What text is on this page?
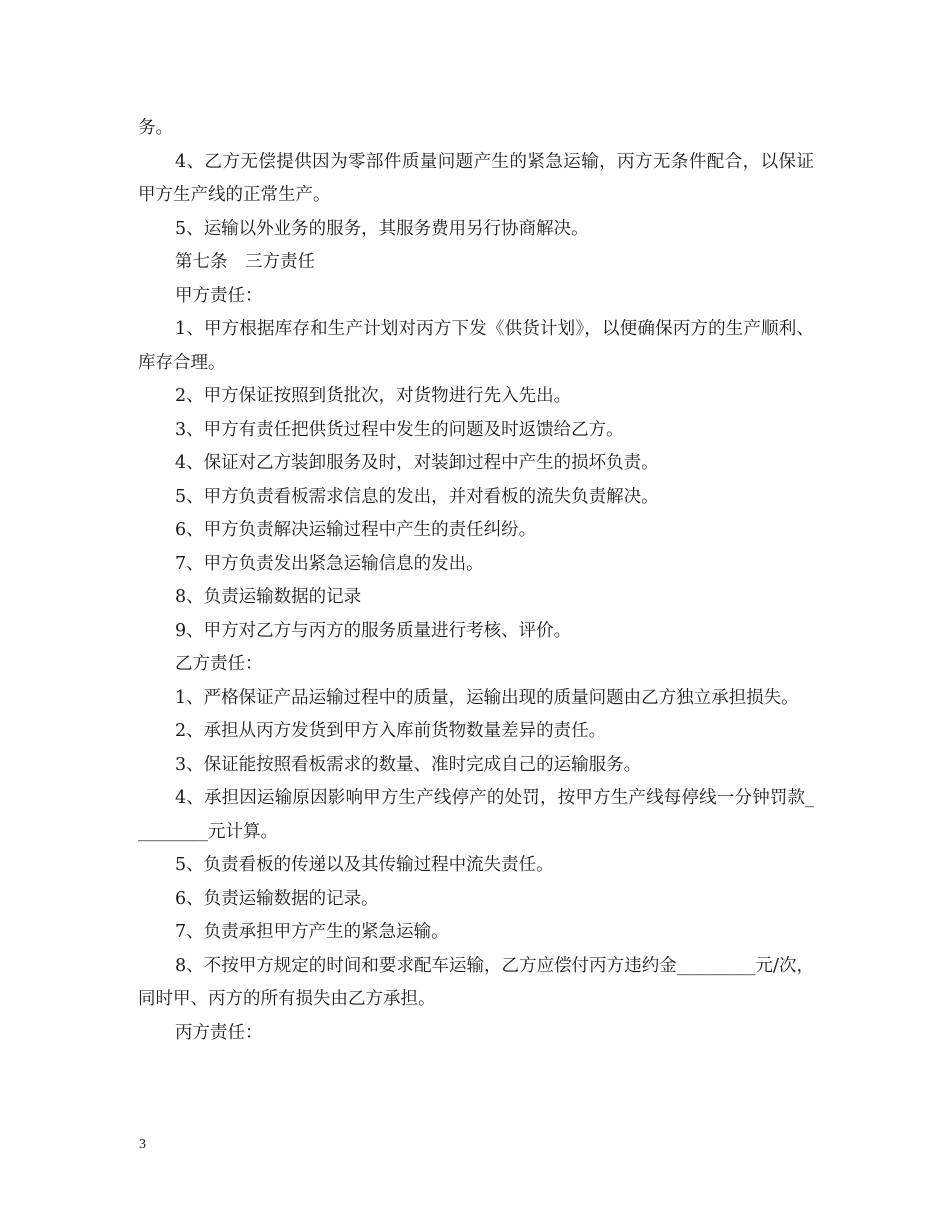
务。

4、乙方无偿提供因为零部件质量问题产生的紧急运输，丙方无条件配合，以保证甲方生产线的正常生产。

5、运输以外业务的服务，其服务费用另行协商解决。

第七条　三方责任

甲方责任：

1、甲方根据库存和生产计划对丙方下发《供货计划》，以便确保丙方的生产顺利、库存合理。

2、甲方保证按照到货批次，对货物进行先入先出。

3、甲方有责任把供货过程中发生的问题及时返馈给乙方。

4、保证对乙方装卸服务及时，对装卸过程中产生的损坏负责。

5、甲方负责看板需求信息的发出，并对看板的流失负责解决。

6、甲方负责解决运输过程中产生的责任纠纷。

7、甲方负责发出紧急运输信息的发出。

8、负责运输数据的记录

9、甲方对乙方与丙方的服务质量进行考核、评价。

乙方责任：

1、严格保证产品运输过程中的质量，运输出现的质量问题由乙方独立承担损失。

2、承担从丙方发货到甲方入库前货物数量差异的责任。

3、保证能按照看板需求的数量、准时完成自己的运输服务。

4、承担因运输原因影响甲方生产线停产的处罚，按甲方生产线每停线一分钟罚款_________元计算。

5、负责看板的传递以及其传输过程中流失责任。

6、负责运输数据的记录。

7、负责承担甲方产生的紧急运输。

8、不按甲方规定的时间和要求配车运输，乙方应偿付丙方违约金_________元/次，同时甲、丙方的所有损失由乙方承担。

丙方责任：

3
